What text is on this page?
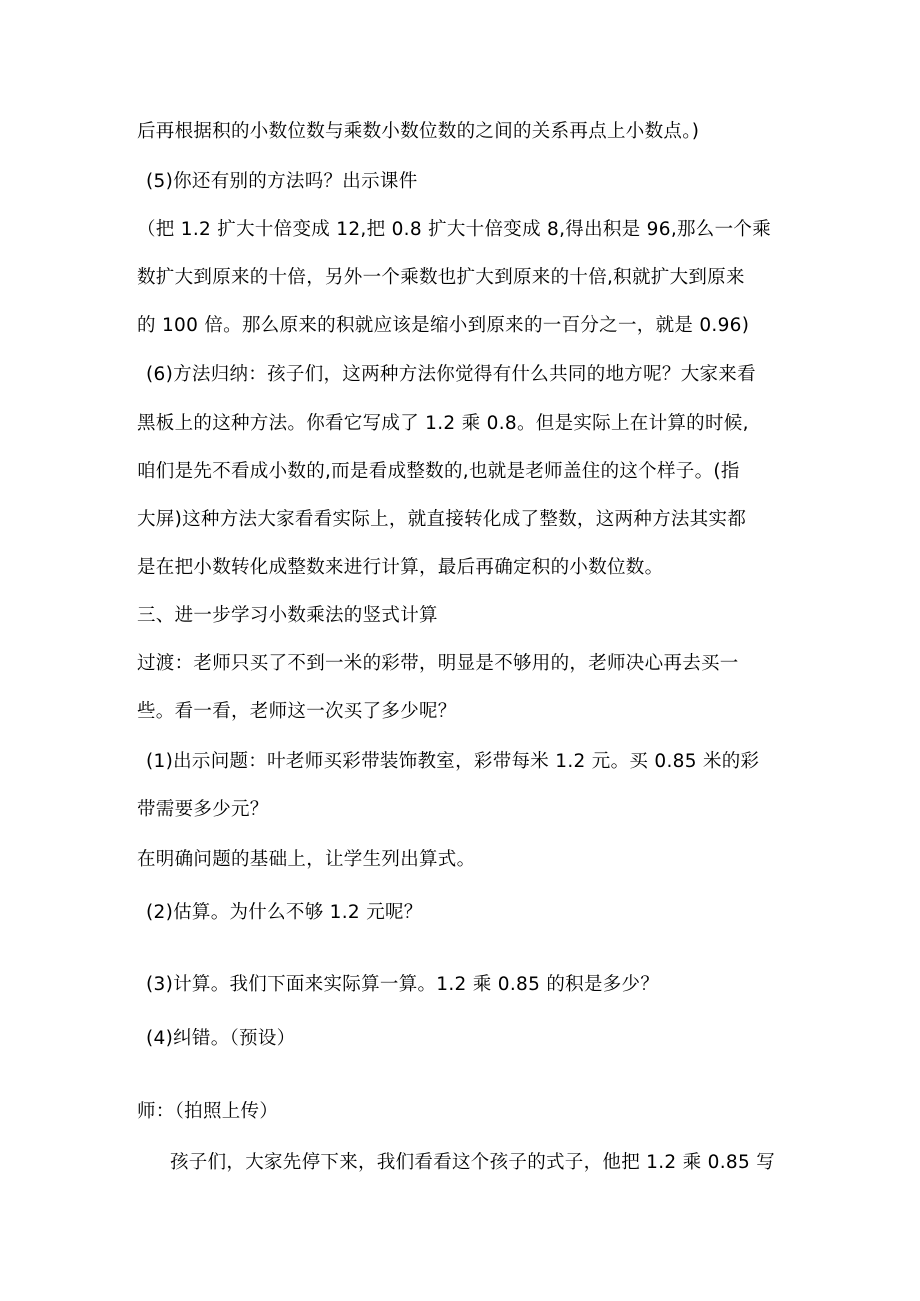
后再根据积的小数位数与乘数小数位数的之间的关系再点上小数点。)
(5)你还有别的方法吗？出示课件
（把 1.2 扩大十倍变成 12,把 0.8 扩大十倍变成 8,得出积是 96,那么一个乘
数扩大到原来的十倍，另外一个乘数也扩大到原来的十倍,积就扩大到原来
的 100 倍。那么原来的积就应该是缩小到原来的一百分之一，就是 0.96)
(6)方法归纳：孩子们，这两种方法你觉得有什么共同的地方呢？大家来看
黑板上的这种方法。你看它写成了 1.2 乘 0.8。但是实际上在计算的时候,
咱们是先不看成小数的,而是看成整数的,也就是老师盖住的这个样子。(指
大屏)这种方法大家看看实际上，就直接转化成了整数，这两种方法其实都
是在把小数转化成整数来进行计算，最后再确定积的小数位数。
三、进一步学习小数乘法的竖式计算
过渡：老师只买了不到一米的彩带，明显是不够用的，老师决心再去买一
些。看一看，老师这一次买了多少呢？
(1)出示问题：叶老师买彩带装饰教室，彩带每米 1.2 元。买 0.85 米的彩
带需要多少元？
在明确问题的基础上，让学生列出算式。
(2)估算。为什么不够 1.2 元呢？
(3)计算。我们下面来实际算一算。1.2 乘 0.85 的积是多少？
(4)纠错。（预设）
师：（拍照上传）
孩子们，大家先停下来，我们看看这个孩子的式子，他把 1.2 乘 0.85 写
